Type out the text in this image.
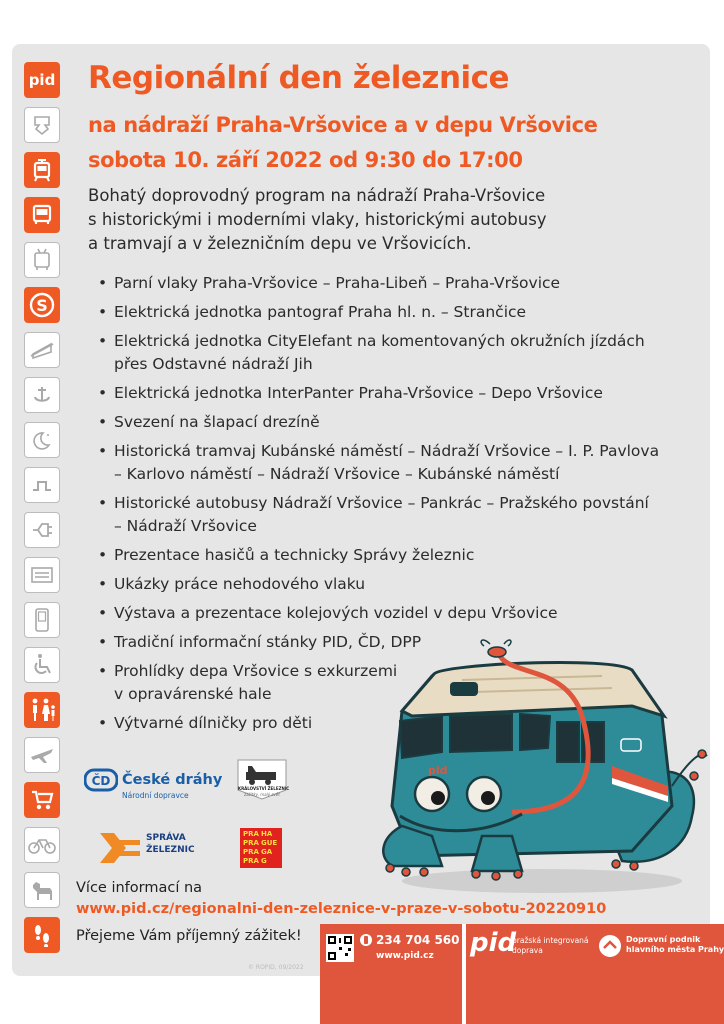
pid
S
Regionální den železnice
na nádraží Praha-Vršovice a v depu Vršovice
sobota 10. září 2022 od 9:30 do 17:00
Bohatý doprovodný program na nádraží Praha-Vršovice
s historickými i moderními vlaky, historickými autobusy
a tramvají a v železničním depu ve Vršovicích.
• Parní vlaky Praha-Vršovice – Praha-Libeň – Praha-Vršovice
• Elektrická jednotka pantograf Praha hl. n. – Strančice
• Elektrická jednotka CityElefant na komentovaných okružních jízdách
přes Odstavné nádraží Jih
• Elektrická jednotka InterPanter Praha-Vršovice – Depo Vršovice
• Svezení na šlapací drezíně
• Historická tramvaj Kubánské náměstí – Nádraží Vršovice – I. P. Pavlova
– Karlovo náměstí – Nádraží Vršovice – Kubánské náměstí
• Historické autobusy Nádraží Vršovice – Pankrác – Pražského povstání
– Nádraží Vršovice
• Prezentace hasičů a technicky Správy železnic
• Ukázky práce nehodového vlaku
• Výstava a prezentace kolejových vozidel v depu Vršovice
• Tradiční informační stánky PID, ČD, DPP
• Prohlídky depa Vršovice s exkurzemi
v opravárenské hale
• Výtvarné dílničky pro děti
pid
ČD České dráhy
Národní dopravce
KRÁLOVSTVÍ ŽELEZNIC
zážitky, malý svět
SPRÁVA
ŽELEZNIC
PRA HA
PRA GUE
PRA GA
PRA G
Více informací na
www.pid.cz/regionalni-den-zeleznice-v-praze-v-sobotu-20220910
Přejeme Vám příjemný zážitek!
© ROPID, 09/2022
234 704 560
www.pid.cz pid
pražská integrovaná
doprava
Dopravní podnik
hlavního města Prahy
